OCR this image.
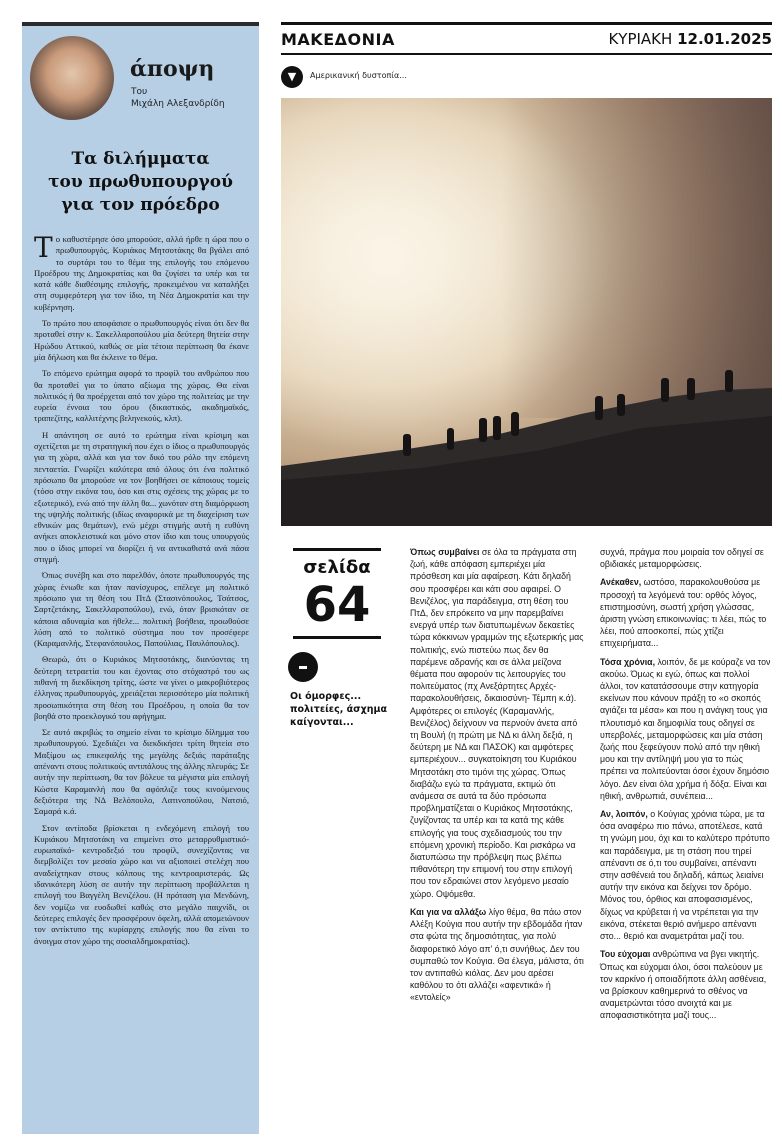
άποψη
Του
Μιχάλη Αλεξανδρίδη
Τα διλήμματα
του πρωθυπουργού
για τον πρόεδρο

Το καθυστέρησε όσο μπορούσε, αλλά ήρθε η ώρα που ο πρωθυπουργός, Κυριάκος Μητσοτάκης θα βγάλει από το συρτάρι του το θέμα της επιλογής του επόμενου Προέδρου της Δημοκρατίας και θα ζυγίσει τα υπέρ και τα κατά κάθε διαθέσιμης επιλογής, προκειμένου να καταλήξει στη συμφερότερη για τον ίδιο, τη Νέα Δημοκρατία και την κυβέρνηση.

Το πρώτο που αποφάσισε ο πρωθυπουργός είναι ότι δεν θα προταθεί στην κ. Σακελλαροπούλου μία δεύτερη θητεία στην Ηρώδου Αττικού, καθώς σε μία τέτοια περίπτωση θα έκανε μία δήλωση και θα έκλεινε το θέμα.

Το επόμενο ερώτημα αφορά το προφίλ του ανθρώπου που θα προταθεί για το ύπατο αξίωμα της χώρας. Θα είναι πολιτικός ή θα προέρχεται από τον χώρο της πολιτείας με την ευρεία έννοια του όρου (δικαστικός, ακαδημαϊκός, τραπεζίτης, καλλιτέχνης βεληνεκούς, κλπ).

Η απάντηση σε αυτό το ερώτημα είναι κρίσιμη και σχετίζεται με τη στρατηγική που έχει ο ίδιος ο πρωθυπουργός για τη χώρα, αλλά και για τον δικό του ρόλο την επόμενη πενταετία. Γνωρίζει καλύτερα από όλους ότι ένα πολιτικό πρόσωπο θα μπορούσε να τον βοηθήσει σε κάποιους τομείς (τόσο στην εικόνα του, όσο και στις σχέσεις της χώρας με το εξωτερικό), ενώ από την άλλη θα... χωνόταν στη διαμόρφωση της υψηλής πολιτικής (ιδίως αναφορικά με τη διαχείριση των εθνικών μας θεμάτων), ενώ μέχρι στιγμής αυτή η ευθύνη ανήκει αποκλειστικά και μόνο στον ίδιο και τους υπουργούς που ο ίδιος μπορεί να διορίζει ή να αντικαθιστά ανά πάσα στιγμή.

Όπως συνέβη και στο παρελθόν, όποτε πρωθυπουργός της χώρας ένιωθε και ήταν πανίσχυρος, επέλεγε μη πολιτικό πρόσωπο για τη θέση του ΠτΔ (Στασινόπουλος, Τσάτσος, Σαρτζετάκης, Σακελλαροπούλου), ενώ, όταν βρισκόταν σε κάποια αδυναμία και ήθελε... πολιτική βοήθεια, προωθούσε λύση από το πολιτικό σύστημα που τον προσέφερε (Καραμανλής, Στεφανόπουλος, Παπούλιας, Παυλόπουλος).

Θεωρώ, ότι ο Κυριάκος Μητσοτάκης, διανύοντας τη δεύτερη τετραετία του και έχοντας στο στόχαστρό του ως πιθανή τη διεκδίκηση τρίτης, ώστε να γίνει ο μακροβιότερος έλληνας πρωθυπουργός, χρειάζεται περισσότερο μία πολιτική προσωπικότητα στη θέση του Προέδρου, η οποία θα τον βοηθά στο προεκλογικό του αφήγημα.

Σε αυτό ακριβώς το σημείο είναι το κρίσιμο δίλημμα του πρωθυπουργού. Σχεδιάζει να διεκδικήσει τρίτη θητεία στο Μαξίμου ως επικεφαλής της μεγάλης δεξιάς παράταξης απέναντι στους πολιτικούς αντιπάλους της άλλης πλευράς; Σε αυτήν την περίπτωση, θα τον βόλευε τα μέγιστα μία επιλογή Κώστα Καραμανλή που θα αφόπλιζε τους κινούμενους δεξιότερα της ΝΔ Βελόπουλο, Λατινοπούλου, Νατσιό, Σαμαρά κ.ά.

Στον αντίποδα βρίσκεται η ενδεχόμενη επιλογή του Κυριάκου Μητσοτάκη να επιμείνει στο μεταρρυθμιστικό- ευρωπαϊκό- κεντροδεξιό του προφίλ, συνεχίζοντας να διεμβολίζει τον μεσαίο χώρο και να αξιοποιεί στελέχη που αναδείχτηκαν στους κόλπους της κεντροαριστεράς. Ως ιδανικότερη λύση σε αυτήν την περίπτωση προβάλλεται η επιλογή του Βαγγέλη Βενιζέλου. (Η πρόταση για Μενδώνη, δεν νομίζω να ευοδωθεί καθώς στο μεγάλο παιχνίδι, οι δεύτερες επιλογές δεν προσφέρουν όφελη, αλλά απομειώνουν τον αντίκτυπο της κυρίαρχης επιλογής που θα είναι το άνοιγμα στον χώρο της σοσιαλδημοκρατίας).

ΜΑΚΕΔΟΝΙΑ	ΚΥΡΙΑΚΗ 12.01.2025
▼	Αμερικανική δυστοπία...
σελίδα
64
Οι όμορφες... πολιτείες, άσχημα καίγονται...

Όπως συμβαίνει σε όλα τα πράγματα στη ζωή, κάθε απόφαση εμπεριέχει μία πρόσθεση και μία αφαίρεση. Κάτι δηλαδή σου προσφέρει και κάτι σου αφαιρεί. Ο Βενιζέλος, για παράδειγμα, στη θέση του ΠτΔ, δεν επρόκειτο να μην παρεμβαίνει ενεργά υπέρ των διατυπωμένων δεκαετίες τώρα κόκκινων γραμμών της εξωτερικής μας πολιτικής, ενώ πιστεύω πως δεν θα παρέμενε αδρανής και σε άλλα μείζονα θέματα που αφορούν τις λειτουργίες του πολιτεύματος (πχ Ανεξάρτητες Αρχές- παρακολουθήσεις, δικαιοσύνη- Τέμπη κ.ά). Αμφότερες οι επιλογές (Καραμανλής, Βενιζέλος) δείχνουν να περνούν άνετα από τη Βουλή (η πρώτη με ΝΔ κι άλλη δεξιά, η δεύτερη με ΝΔ και ΠΑΣΟΚ) και αμφότερες εμπεριέχουν... συγκατοίκηση του Κυριάκου Μητσοτάκη στο τιμόνι της χώρας. Όπως διαβάζω εγώ τα πράγματα, εκτιμώ ότι ανάμεσα σε αυτά τα δύο πρόσωπα προβληματίζεται ο Κυριάκος Μητσοτάκης, ζυγίζοντας τα υπέρ και τα κατά της κάθε επιλογής για τους σχεδιασμούς του την επόμενη χρονική περίοδο. Και ρισκάρω να διατυπώσω την πρόβλεψη πως βλέπω πιθανότερη την επιμονή του στην επιλογή που τον εδραιώνει στον λεγόμενο μεσαίο χώρο. Οψόμεθα.

Και για να αλλάξω λίγο θέμα, θα πάω στον Αλέξη Κούγια που αυτήν την εβδομάδα ήταν στα φώτα της δημοσιότητας, για πολύ διαφορετικό λόγο απ' ό,τι συνήθως. Δεν του συμπαθώ τον Κούγια. Θα έλεγα, μάλιστα, ότι τον αντιπαθώ κιόλας. Δεν μου αρέσει καθόλου το ότι αλλάζει «αφεντικά» ή «εντολείς»

συχνά, πράγμα που μοιραία τον οδηγεί σε οβιδιακές μεταμορφώσεις.

Ανέκαθεν, ωστόσο, παρακολουθούσα με προσοχή τα λεγόμενά του: ορθός λόγος, επιστημοσύνη, σωστή χρήση γλώσσας, άριστη γνώση επικοινωνίας: τι λέει, πώς το λέει, πού αποσκοπεί, πώς χτίζει επιχειρήματα...

Τόσα χρόνια, λοιπόν, δε με κούραζε να τον ακούω. Όμως κι εγώ, όπως και πολλοί άλλοι, τον κατατάσσουμε στην κατηγορία εκείνων που κάνουν πράξη το «ο σκοπός αγιάζει τα μέσα» και που η ανάγκη τους για πλουτισμό και δημοφιλία τους οδηγεί σε υπερβολές, μεταμορφώσεις και μία στάση ζωής που ξεφεύγουν πολύ από την ηθική μου και την αντίληψή μου για το πώς πρέπει να πολιτεύονται όσοι έχουν δημόσιο λόγο. Δεν είναι όλα χρήμα ή δόξα. Είναι και ηθική, ανθρωπιά, συνέπεια...

Αν, λοιπόν, ο Κούγιας χρόνια τώρα, με τα όσα αναφέρω πιο πάνω, αποτέλεσε, κατά τη γνώμη μου, όχι και το καλύτερο πρότυπο και παράδειγμα, με τη στάση που τηρεί απέναντι σε ό,τι του συμβαίνει, απέναντι στην ασθένειά του δηλαδή, κάπως λειαίνει αυτήν την εικόνα και δείχνει τον δρόμο. Μόνος του, όρθιος και αποφασισμένος, δίχως να κρύβεται ή να ντρέπεται για την εικόνα, στέκεται θεριό ανήμερο απέναντι στο... θεριό και αναμετράται μαζί του.

Του εύχομαι ανθρώπινα να βγει νικητής. Όπως και εύχομαι όλοι, όσοι παλεύουν με τον καρκίνο ή οποιαδήποτε άλλη ασθένεια, να βρίσκουν καθημερινά το σθένος να αναμετρώνται τόσο ανοιχτά και με αποφασιστικότητα μαζί τους...
